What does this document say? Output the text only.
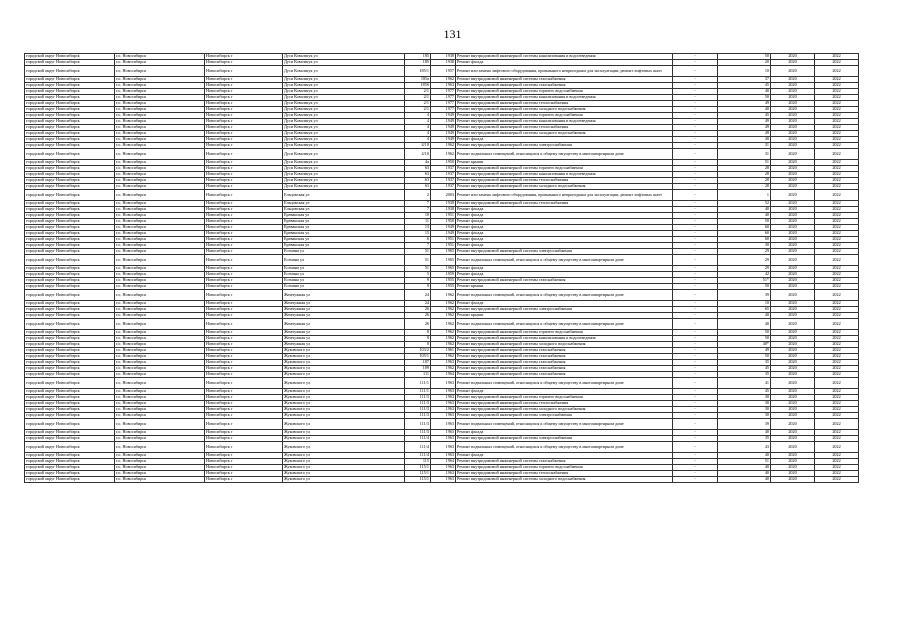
131
городской округ Новосибирск	г.о. Новосибирск	Новосибирск г	Дуси Ковальчук ул	185	1938	Ремонт внутридомовой инженерной системы канализования и водоотведения	-	50	2020	2022
городской округ Новосибирск	г.о. Новосибирск	Новосибирск г	Дуси Ковальчук ул	185	1938	Ремонт фасада	-	20	2020	2022
городской округ Новосибирск	г.о. Новосибирск	Новосибирск г	Дуси Ковальчук ул	185/1	1957	Ремонт или замена лифтового оборудования, признанного непригодным для эксплуатации, ремонт лифтовых шахт	-	10	2020	2022
городской округ Новосибирск	г.о. Новосибирск	Новосибирск г	Дуси Ковальчук ул	185а	1962	Ремонт внутридомовой инженерной системы газоснабжения	-	37	2020	2022
городской округ Новосибирск	г.о. Новосибирск	Новосибирск г	Дуси Ковальчук ул	185б	1963	Ремонт внутридомовой инженерной системы газоснабжения	-	45	2020	2022
городской округ Новосибирск	г.о. Новосибирск	Новосибирск г	Дуси Ковальчук ул	2/1	1977	Ремонт внутридомовой инженерной системы горячего водоснабжения	-	40	2020	2022
городской округ Новосибирск	г.о. Новосибирск	Новосибирск г	Дуси Ковальчук ул	2/1	1977	Ремонт внутридомовой инженерной системы канализования и водоотведения	-	50	2020	2022
городской округ Новосибирск	г.о. Новосибирск	Новосибирск г	Дуси Ковальчук ул	2/1	1977	Ремонт внутридомовой инженерной системы теплоснабжения	-	49	2020	2022
городской округ Новосибирск	г.о. Новосибирск	Новосибирск г	Дуси Ковальчук ул	2/1	1977	Ремонт внутридомовой инженерной системы холодного водоснабжения	-	40	2020	2022
городской округ Новосибирск	г.о. Новосибирск	Новосибирск г	Дуси Ковальчук ул	4	1949	Ремонт внутридомовой инженерной системы горячего водоснабжения	-	45	2020	2022
городской округ Новосибирск	г.о. Новосибирск	Новосибирск г	Дуси Ковальчук ул	4	1949	Ремонт внутридомовой инженерной системы канализования и водоотведения	-	49	2020	2022
городской округ Новосибирск	г.о. Новосибирск	Новосибирск г	Дуси Ковальчук ул	4	1949	Ремонт внутридомовой инженерной системы теплоснабжения	-	49	2020	2022
городской округ Новосибирск	г.о. Новосибирск	Новосибирск г	Дуси Ковальчук ул	4	1949	Ремонт внутридомовой инженерной системы холодного водоснабжения	-	49	2020	2022
городской округ Новосибирск	г.о. Новосибирск	Новосибирск г	Дуси Ковальчук ул	4	1949	Ремонт фасада	-	40	2020	2022
городской округ Новосибирск	г.о. Новосибирск	Новосибирск г	Дуси Ковальчук ул	4/10	1962	Ремонт внутридомовой инженерной системы электроснабжения	-	31	2020	2022
городской округ Новосибирск	г.о. Новосибирск	Новосибирск г	Дуси Ковальчук ул	4/10	1962	Ремонт подвальных помещений, относящихся к общему имуществу в многоквартирном доме	-	31	2020	2022
городской округ Новосибирск	г.о. Новосибирск	Новосибирск г	Дуси Ковальчук ул	4а	1950	Ремонт крыши	-	51	2020	2022
городской округ Новосибирск	г.о. Новосибирск	Новосибирск г	Дуси Ковальчук ул	63	1937	Ремонт внутридомовой инженерной системы горячего водоснабжения	-	28	2020	2022
городской округ Новосибирск	г.о. Новосибирск	Новосибирск г	Дуси Ковальчук ул	63	1937	Ремонт внутридомовой инженерной системы канализования и водоотведения	-	28	2020	2022
городской округ Новосибирск	г.о. Новосибирск	Новосибирск г	Дуси Ковальчук ул	63	1937	Ремонт внутридомовой инженерной системы теплоснабжения	-	28	2020	2022
городской округ Новосибирск	г.о. Новосибирск	Новосибирск г	Дуси Ковальчук ул	63	1937	Ремонт внутридомовой инженерной системы холодного водоснабжения	-	28	2020	2022
городской округ Новосибирск	г.о. Новосибирск	Новосибирск г	Ельцовская ул	2	2003	Ремонт или замена лифтового оборудования, признанного непригодным для эксплуатации, ремонт лифтовых шахт	-	1	2020	2022
городской округ Новосибирск	г.о. Новосибирск	Новосибирск г	Ельцовская ул	7	1938	Ремонт внутридомовой инженерной системы теплоснабжения	-	52	2020	2022
городской округ Новосибирск	г.о. Новосибирск	Новосибирск г	Ельцовская ул	7	1938	Ремонт фасада	-	40	2020	2022
городской округ Новосибирск	г.о. Новосибирск	Новосибирск г	Ереванская ул	10	1951	Ремонт фасада	-	40	2020	2022
городской округ Новосибирск	г.о. Новосибирск	Новосибирск г	Ереванская ул	11	1950	Ремонт фасада	-	50	2020	2022
городской округ Новосибирск	г.о. Новосибирск	Новосибирск г	Ереванская ул	13	1949	Ремонт фасада	-	60	2020	2022
городской округ Новосибирск	г.о. Новосибирск	Новосибирск г	Ереванская ул	15	1949	Ремонт фасада	-	60	2020	2022
городской округ Новосибирск	г.о. Новосибирск	Новосибирск г	Ереванская ул	6	1951	Ремонт фасада	-	60	2020	2022
городской округ Новосибирск	г.о. Новосибирск	Новосибирск г	Ереванская ул	7	1951	Ремонт фасада	-	30	2020	2022
городской округ Новосибирск	г.о. Новосибирск	Новосибирск г	Есенина ул	51	1965	Ремонт внутридомовой инженерной системы электроснабжения	-	29	2020	2022
городской округ Новосибирск	г.о. Новосибирск	Новосибирск г	Есенина ул	51	1965	Ремонт подвальных помещений, относящихся к общему имуществу в многоквартирном доме	-	29	2020	2022
городской округ Новосибирск	г.о. Новосибирск	Новосибирск г	Есенина ул	51	1965	Ремонт фасада	-	29	2020	2022
городской округ Новосибирск	г.о. Новосибирск	Новосибирск г	Есенина ул	5	1959	Ремонт фасада	-	42	2020	2022
городской округ Новосибирск	г.о. Новосибирск	Новосибирск г	Есенина ул	9	1955	Ремонт внутридомовой инженерной системы газоснабжения	-	51*	2020	2022
городской округ Новосибирск	г.о. Новосибирск	Новосибирск г	Есенина ул	9	1955	Ремонт крыши	-	50	2020	2022
городской округ Новосибирск	г.о. Новосибирск	Новосибирск г	Жемчужная ул	24	1962	Ремонт подвальных помещений, относящихся к общему имуществу в многоквартирном доме	-	39	2020	2022
городской округ Новосибирск	г.о. Новосибирск	Новосибирск г	Жемчужная ул	24	1962	Ремонт фасада	-	10	2020	2022
городской округ Новосибирск	г.о. Новосибирск	Новосибирск г	Жемчужная ул	26	1962	Ремонт внутридомовой инженерной системы электроснабжения	-	65	2020	2022
городской округ Новосибирск	г.о. Новосибирск	Новосибирск г	Жемчужная ул	26	1962	Ремонт крыши	-	40	2020	2022
городской округ Новосибирск	г.о. Новосибирск	Новосибирск г	Жемчужная ул	26	1962	Ремонт подвальных помещений, относящихся к общему имуществу в многоквартирном доме	-	40	2020	2022
городской округ Новосибирск	г.о. Новосибирск	Новосибирск г	Жемчужная ул	8	1962	Ремонт внутридомовой инженерной системы горячего водоснабжения	-	50	2020	2022
городской округ Новосибирск	г.о. Новосибирск	Новосибирск г	Жемчужная ул	8	1962	Ремонт внутридомовой инженерной системы канализования и водоотведения	-	50	2020	2022
городской округ Новосибирск	г.о. Новосибирск	Новосибирск г	Жемчужная ул	8	1962	Ремонт внутридомовой инженерной системы холодного водоснабжения	-	40*	2020	2022
городской округ Новосибирск	г.о. Новосибирск	Новосибирск г	Жуковского ул	103/2	1961	Ремонт внутридомовой инженерной системы газоснабжения	-	49	2020	2022
городской округ Новосибирск	г.о. Новосибирск	Новосибирск г	Жуковского ул	105/1	1962	Ремонт внутридомовой инженерной системы газоснабжения	-	50	2020	2022
городской округ Новосибирск	г.о. Новосибирск	Новосибирск г	Жуковского ул	107	1963	Ремонт внутридомовой инженерной системы газоснабжения	-	35	2020	2022
городской округ Новосибирск	г.о. Новосибирск	Новосибирск г	Жуковского ул	109	1962	Ремонт внутридомовой инженерной системы газоснабжения	-	45	2020	2022
городской округ Новосибирск	г.о. Новосибирск	Новосибирск г	Жуковского ул	111	1964	Ремонт внутридомовой инженерной системы газоснабжения	-	35	2020	2022
городской округ Новосибирск	г.о. Новосибирск	Новосибирск г	Жуковского ул	111/1	1963	Ремонт подвальных помещений, относящихся к общему имуществу в многоквартирном доме	-	41	2020	2022
городской округ Новосибирск	г.о. Новосибирск	Новосибирск г	Жуковского ул	111/1	1963	Ремонт фасада	-	45	2020	2022
городской округ Новосибирск	г.о. Новосибирск	Новосибирск г	Жуковского ул	111/3	1963	Ремонт внутридомовой инженерной системы горячего водоснабжения	-	30	2020	2022
городской округ Новосибирск	г.о. Новосибирск	Новосибирск г	Жуковского ул	111/3	1963	Ремонт внутридомовой инженерной системы теплоснабжения	-	30	2020	2022
городской округ Новосибирск	г.о. Новосибирск	Новосибирск г	Жуковского ул	111/3	1963	Ремонт внутридомовой инженерной системы холодного водоснабжения	-	30	2020	2022
городской округ Новосибирск	г.о. Новосибирск	Новосибирск г	Жуковского ул	111/3	1963	Ремонт внутридомовой инженерной системы электроснабжения	-	30	2020	2022
городской округ Новосибирск	г.о. Новосибирск	Новосибирск г	Жуковского ул	111/3	1963	Ремонт подвальных помещений, относящихся к общему имуществу в многоквартирном доме	-	39	2020	2022
городской округ Новосибирск	г.о. Новосибирск	Новосибирск г	Жуковского ул	111/3	1963	Ремонт фасада	-	40	2020	2022
городской округ Новосибирск	г.о. Новосибирск	Новосибирск г	Жуковского ул	111/4	1963	Ремонт внутридомовой инженерной системы электроснабжения	-	35	2020	2022
городской округ Новосибирск	г.о. Новосибирск	Новосибирск г	Жуковского ул	111/4	1963	Ремонт подвальных помещений, относящихся к общему имуществу в многоквартирном доме	-	43	2020	2022
городской округ Новосибирск	г.о. Новосибирск	Новосибирск г	Жуковского ул	111/4	1963	Ремонт фасада	-	40	2020	2022
городской округ Новосибирск	г.о. Новосибирск	Новосибирск г	Жуковского ул	115	1964	Ремонт внутридомовой инженерной системы газоснабжения	-	51	2020	2022
городской округ Новосибирск	г.о. Новосибирск	Новосибирск г	Жуковского ул	115/1	1963	Ремонт внутридомовой инженерной системы горячего водоснабжения	-	40	2020	2022
городской округ Новосибирск	г.о. Новосибирск	Новосибирск г	Жуковского ул	115/1	1963	Ремонт внутридомовой инженерной системы теплоснабжения	-	40	2020	2022
городской округ Новосибирск	г.о. Новосибирск	Новосибирск г	Жуковского ул	115/1	1963	Ремонт внутридомовой инженерной системы холодного водоснабжения	-	40	2020	2022
